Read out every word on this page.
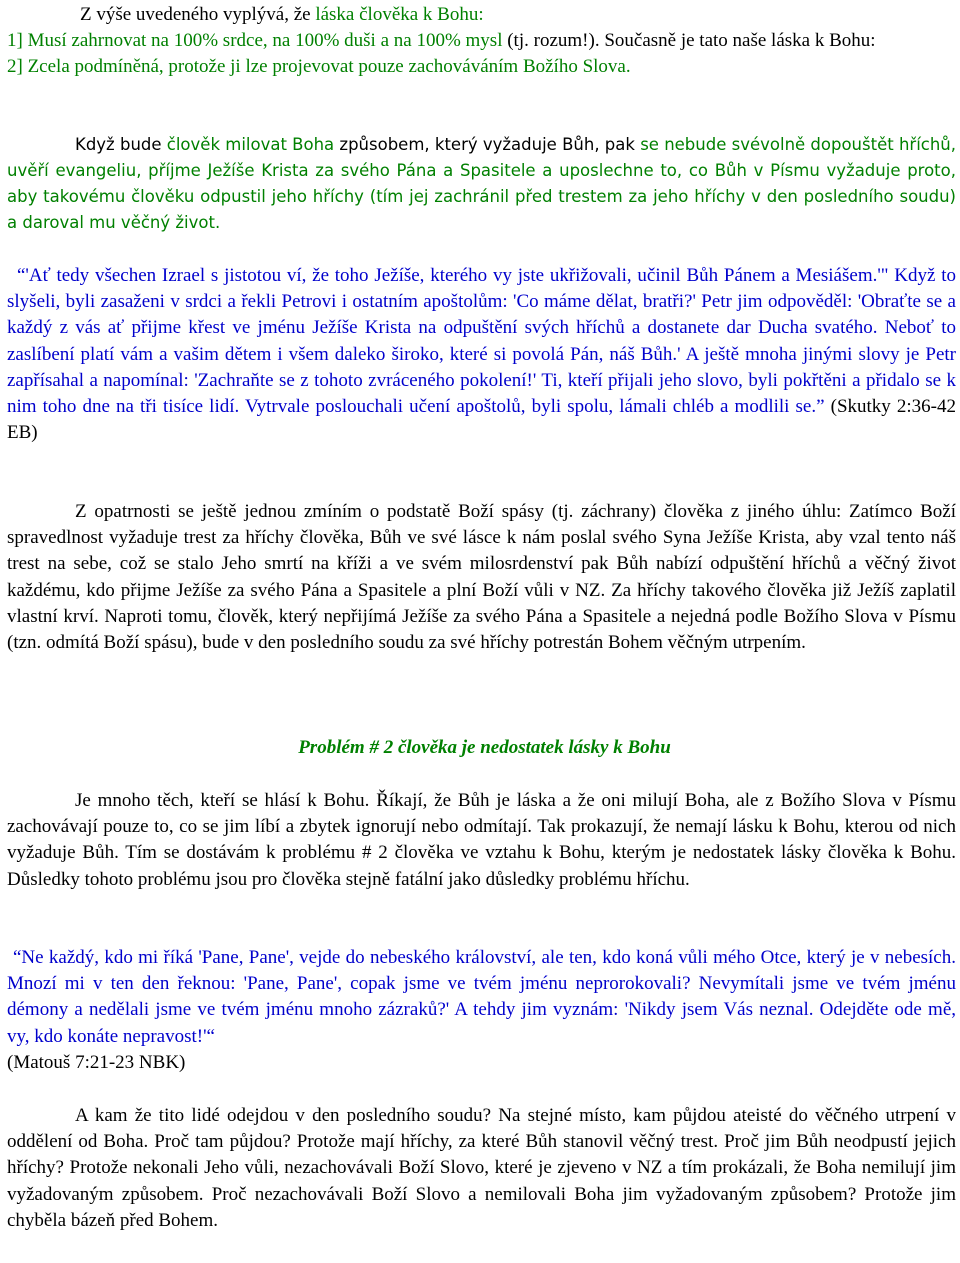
Z výše uvedeného vyplývá, že láska člověka k Bohu:
1] Musí zahrnovat na 100% srdce, na 100% duši a na 100% mysl (tj. rozum!). Současně je tato naše láska k Bohu:
2] Zcela podmíněná, protože ji lze projevovat pouze zachováváním Božího Slova.

Když bude člověk milovat Boha způsobem, který vyžaduje Bůh, pak se nebude svévolně dopouštět hříchů, uvěří evangeliu, příjme Ježíše Krista za svého Pána a Spasitele a uposlechne to, co Bůh v Písmu vyžaduje proto, aby takovému člověku odpustil jeho hříchy (tím jej zachránil před trestem za jeho hříchy v den posledního soudu) a daroval mu věčný život.

“'Ať tedy všechen Izrael s jistotou ví, že toho Ježíše, kterého vy jste ukřižovali, učinil Bůh Pánem a Mesiášem.'" Když to slyšeli, byli zasaženi v srdci a řekli Petrovi i ostatním apoštolům: 'Co máme dělat, bratři?' Petr jim odpověděl: 'Obraťte se a každý z vás ať přijme křest ve jménu Ježíše Krista na odpuštění svých hříchů a dostanete dar Ducha svatého. Neboť to zaslíbení platí vám a vašim dětem i všem daleko široko, které si povolá Pán, náš Bůh.' A ještě mnoha jinými slovy je Petr zapřísahal a napomínal: 'Zachraňte se z tohoto zvráceného pokolení!' Ti, kteří přijali jeho slovo, byli pokřtěni a přidalo se k nim toho dne na tři tisíce lidí. Vytrvale poslouchali učení apoštolů, byli spolu, lámali chléb a modlili se.” (Skutky 2:36-42 EB)

Z opatrnosti se ještě jednou zmíním o podstatě Boží spásy (tj. záchrany) člověka z jiného úhlu: Zatímco Boží spravedlnost vyžaduje trest za hříchy člověka, Bůh ve své lásce k nám poslal svého Syna Ježíše Krista, aby vzal tento náš trest na sebe, což se stalo Jeho smrtí na kříži a ve svém milosrdenství pak Bůh nabízí odpuštění hříchů a věčný život každému, kdo přijme Ježíše za svého Pána a Spasitele a plní Boží vůli v NZ. Za hříchy takového člověka již Ježíš zaplatil vlastní krví. Naproti tomu, člověk, který nepřijímá Ježíše za svého Pána a Spasitele a nejedná podle Božího Slova v Písmu (tzn. odmítá Boží spásu), bude v den posledního soudu za své hříchy potrestán Bohem věčným utrpením.

Problém # 2 člověka je nedostatek lásky k Bohu

Je mnoho těch, kteří se hlásí k Bohu. Říkají, že Bůh je láska a že oni milují Boha, ale z Božího Slova v Písmu zachovávají pouze to, co se jim líbí a zbytek ignorují nebo odmítají. Tak prokazují, že nemají lásku k Bohu, kterou od nich vyžaduje Bůh. Tím se dostávám k problému # 2 člověka ve vztahu k Bohu, kterým je nedostatek lásky člověka k Bohu. Důsledky tohoto problému jsou pro člověka stejně fatální jako důsledky problému hříchu.

“Ne každý, kdo mi říká 'Pane, Pane', vejde do nebeského království, ale ten, kdo koná vůli mého Otce, který je v nebesích. Mnozí mi v ten den řeknou: 'Pane, Pane', copak jsme ve tvém jménu neprorokovali? Nevymítali jsme ve tvém jménu démony a nedělali jsme ve tvém jménu mnoho zázraků?' A tehdy jim vyznám: 'Nikdy jsem Vás neznal. Odejděte ode mě, vy, kdo konáte nepravost!'“
(Matouš 7:21-23 NBK)

A kam že tito lidé odejdou v den posledního soudu? Na stejné místo, kam půjdou ateisté do věčného utrpení v oddělení od Boha. Proč tam půjdou? Protože mají hříchy, za které Bůh stanovil věčný trest. Proč jim Bůh neodpustí jejich hříchy? Protože nekonali Jeho vůli, nezachovávali Boží Slovo, které je zjeveno v NZ a tím prokázali, že Boha nemilují jim vyžadovaným způsobem. Proč nezachovávali Boží Slovo a nemilovali Boha jim vyžadovaným způsobem? Protože jim chyběla bázeň před Bohem.
